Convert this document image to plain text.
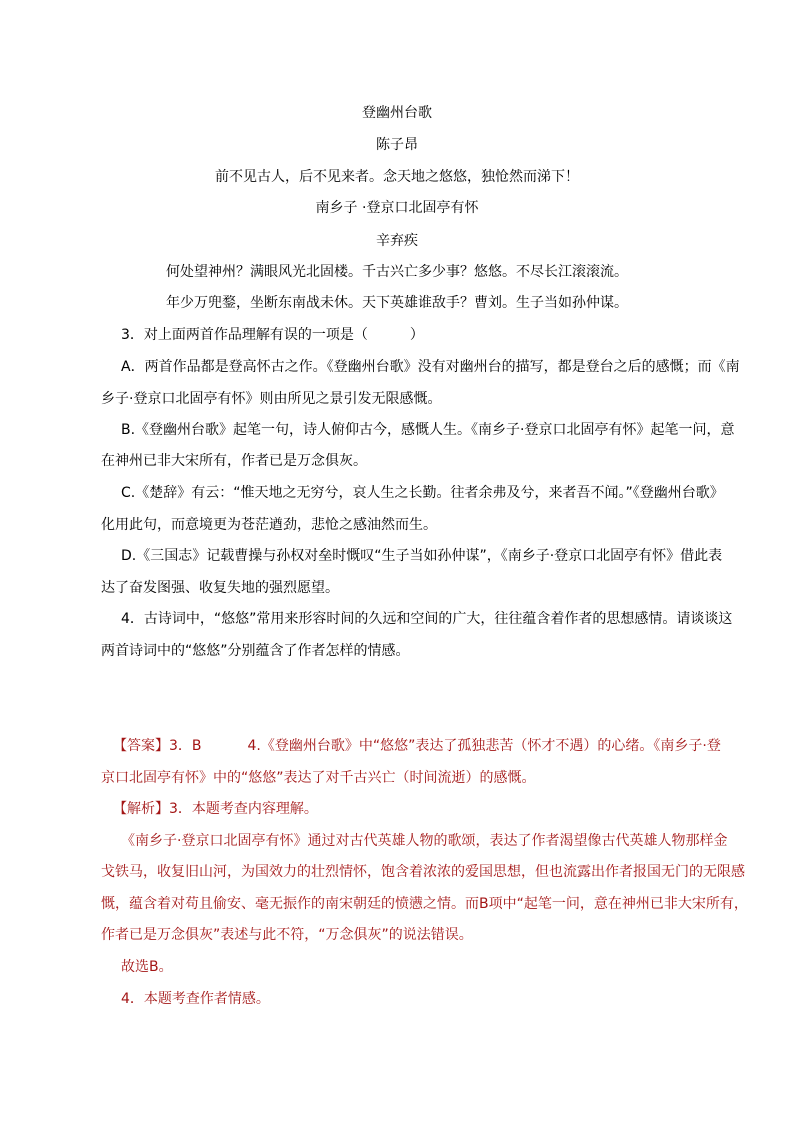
登幽州台歌
陈子昂
前不见古人，后不见来者。念天地之悠悠，独怆然而涕下！
南乡子 ·登京口北固亭有怀
辛弃疾
何处望神州？满眼风光北固楼。千古兴亡多少事？悠悠。不尽长江滚滚流。
年少万兜鍪，坐断东南战未休。天下英雄谁敌手？曹刘。生子当如孙仲谋。
3．对上面两首作品理解有误的一项是（　　　）
A．两首作品都是登高怀古之作。《登幽州台歌》没有对幽州台的描写，都是登台之后的感慨；而《南
乡子·登京口北固亭有怀》则由所见之景引发无限感慨。
B.《登幽州台歌》起笔一句，诗人俯仰古今，感慨人生。《南乡子·登京口北固亭有怀》起笔一问，意
在神州已非大宋所有，作者已是万念俱灰。
C.《楚辞》有云：“惟天地之无穷兮，哀人生之长勤。往者余弗及兮，来者吾不闻。”《登幽州台歌》
化用此句，而意境更为苍茫遒劲，悲怆之感油然而生。
D.《三国志》记载曹操与孙权对垒时慨叹“生子当如孙仲谋”，《南乡子·登京口北固亭有怀》借此表
达了奋发图强、收复失地的强烈愿望。
4．古诗词中，“悠悠”常用来形容时间的久远和空间的广大，往往蕴含着作者的思想感情。请谈谈这
两首诗词中的“悠悠”分别蕴含了作者怎样的情感。
【答案】3．B	4.《登幽州台歌》中“悠悠”表达了孤独悲苦（怀才不遇）的心绪。《南乡子·登
京口北固亭有怀》中的“悠悠”表达了对千古兴亡（时间流逝）的感慨。
【解析】3．本题考查内容理解。
《南乡子·登京口北固亭有怀》通过对古代英雄人物的歌颂，表达了作者渴望像古代英雄人物那样金
戈铁马，收复旧山河，为国效力的壮烈情怀，饱含着浓浓的爱国思想，但也流露出作者报国无门的无限感
慨，蕴含着对苟且偷安、毫无振作的南宋朝廷的愤懑之情。而B项中“起笔一问，意在神州已非大宋所有，
作者已是万念俱灰”表述与此不符，“万念俱灰”的说法错误。
故选B。
4．本题考查作者情感。
